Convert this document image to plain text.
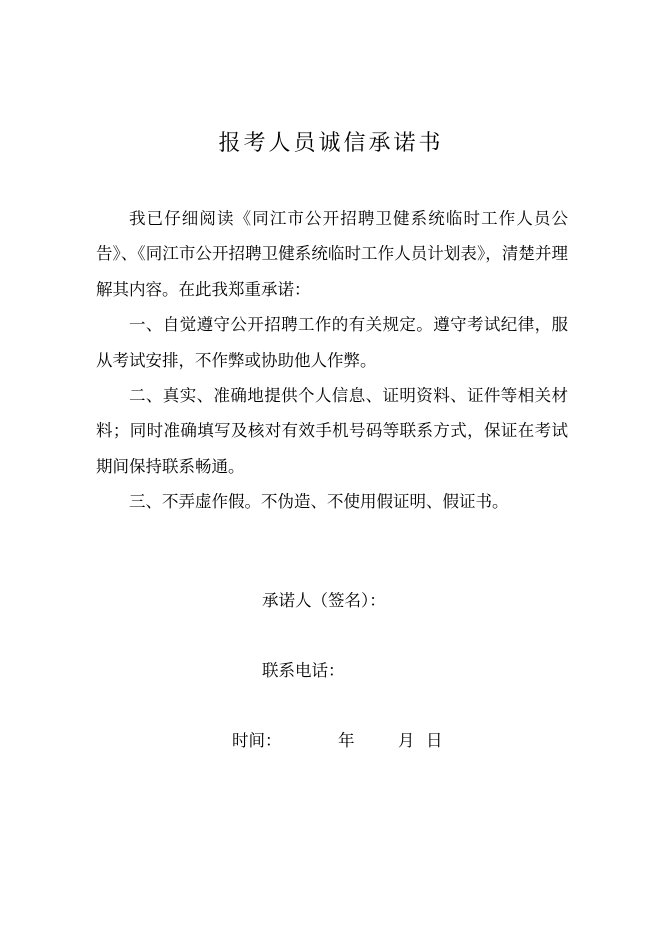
报考人员诚信承诺书

我已仔细阅读《同江市公开招聘卫健系统临时工作人员公告》、《同江市公开招聘卫健系统临时工作人员计划表》，清楚并理解其内容。在此我郑重承诺：

一、自觉遵守公开招聘工作的有关规定。遵守考试纪律，服从考试安排，不作弊或协助他人作弊。

二、真实、准确地提供个人信息、证明资料、证件等相关材料；同时准确填写及核对有效手机号码等联系方式，保证在考试期间保持联系畅通。

三、不弄虚作假。不伪造、不使用假证明、假证书。

承诺人（签名）：
联系电话：
时间：	年	月 日
